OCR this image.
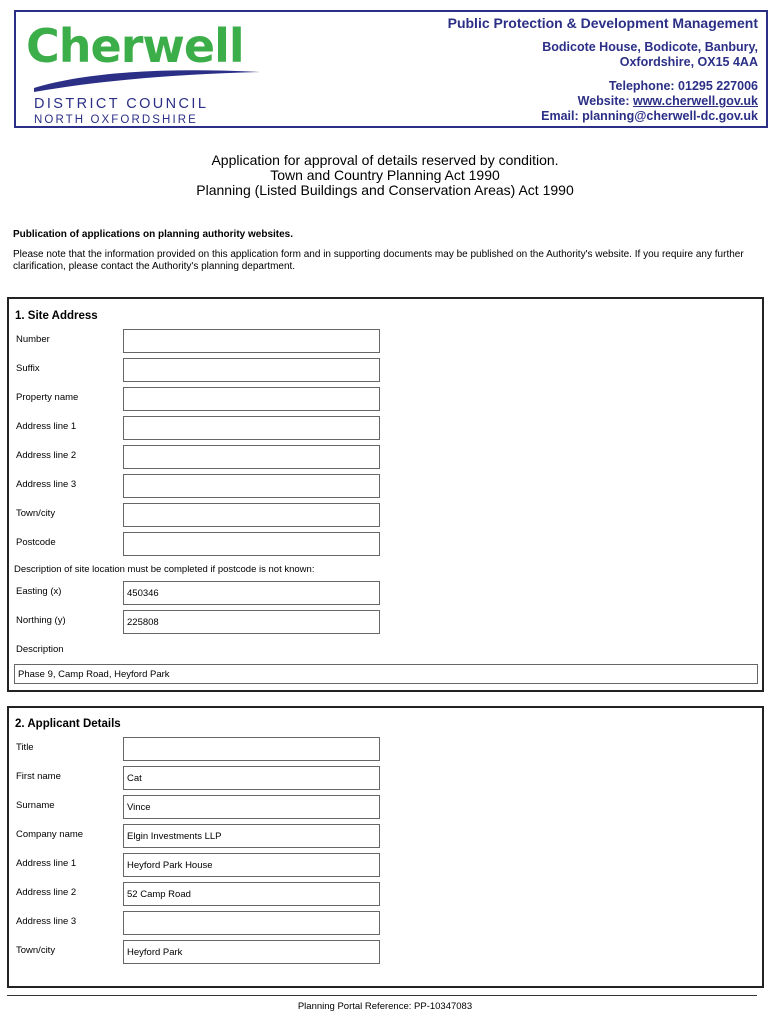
Cherwell
DISTRICT COUNCIL
NORTH OXFORDSHIRE
Public Protection & Development Management
Bodicote House, Bodicote, Banbury,
Oxfordshire, OX15 4AA
Telephone: 01295 227006
Website: www.cherwell.gov.uk
Email: planning@cherwell-dc.gov.uk
Application for approval of details reserved by condition.
Town and Country Planning Act 1990
Planning (Listed Buildings and Conservation Areas) Act 1990
Publication of applications on planning authority websites.
Please note that the information provided on this application form and in supporting documents may be published on the Authority's website. If you require any further clarification, please contact the Authority's planning department.
1. Site Address
Number
Suffix
Property name
Address line 1
Address line 2
Address line 3
Town/city
Postcode
Description of site location must be completed if postcode is not known:
Easting (x)
450346
Northing (y)
225808
Description
Phase 9, Camp Road, Heyford Park
2. Applicant Details
Title
First name
Cat
Surname
Vince
Company name
Elgin Investments LLP
Address line 1
Heyford Park House
Address line 2
52 Camp Road
Address line 3
Town/city
Heyford Park
Planning Portal Reference: PP-10347083
